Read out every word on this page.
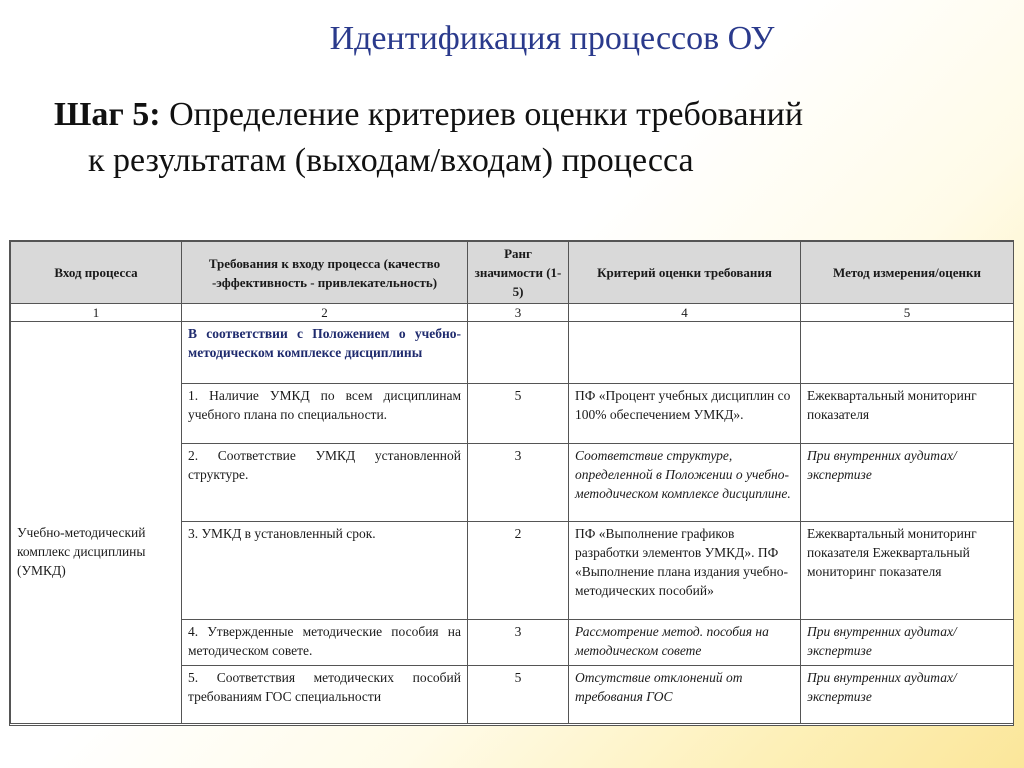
Идентификация процессов ОУ
Шаг 5: Определение критериев оценки требований
к результатам (выходам/входам) процесса
Вход процесса	Требования к входу процесса (качество -эффективность - привлекательность)	Ранг значимости (1-5)	Критерий оценки требования	Метод измерения/оценки
1	2	3	4	5
Учебно-методический комплекс дисциплины (УМКД)	В соответствии с Положением о учебно-методическом комплексе дисциплины			
	1. Наличие УМКД по всем дисциплинам учебного плана по специальности.	5	ПФ «Процент учебных дисциплин со 100% обеспечением УМКД».	Ежеквартальный мониторинг показателя
	2. Соответствие УМКД установленной структуре.	3	Соответствие структуре, определенной в Положении о учебно-методическом комплексе дисциплине.	При внутренних аудитах/ экспертизе
	3. УМКД в установленный срок.	2	ПФ «Выполнение графиков разработки элементов УМКД». ПФ «Выполнение плана издания учебно-методических пособий»	Ежеквартальный мониторинг показателя Ежеквартальный мониторинг показателя
	4. Утвержденные методические пособия на методическом совете.	3	Рассмотрение метод. пособия на методическом совете	При внутренних аудитах/ экспертизе
	5. Соответствия методических пособий требованиям ГОС специальности	5	Отсутствие отклонений от требования ГОС	При внутренних аудитах/ экспертизе
